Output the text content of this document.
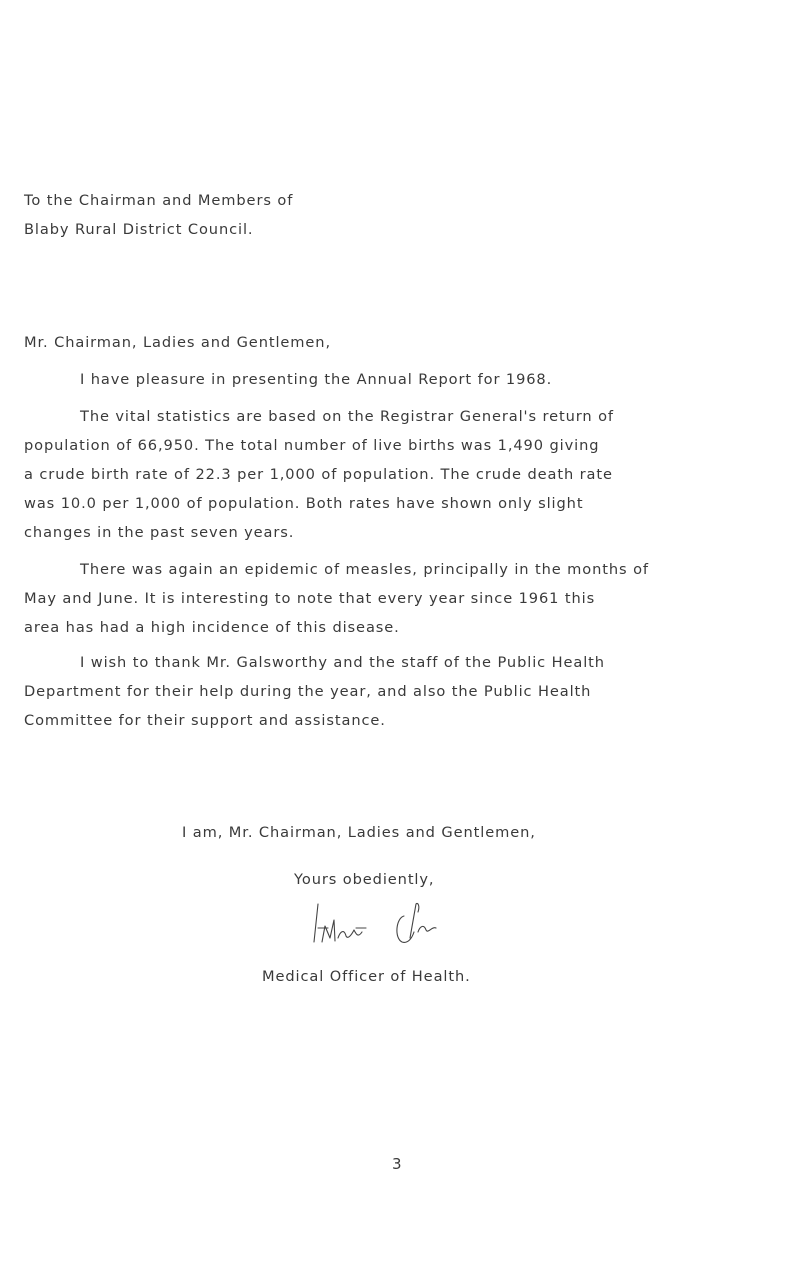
To the Chairman and Members of
Blaby Rural District Council.
Mr. Chairman, Ladies and Gentlemen,
I have pleasure in presenting the Annual Report for 1968.
The vital statistics are based on the Registrar General's return of
population of 66,950. The total number of live births was 1,490 giving
a crude birth rate of 22.3 per 1,000 of population. The crude death rate
was 10.0 per 1,000 of population. Both rates have shown only slight
changes in the past seven years.
There was again an epidemic of measles, principally in the months of
May and June. It is interesting to note that every year since 1961 this
area has had a high incidence of this disease.
I wish to thank Mr. Galsworthy and the staff of the Public Health
Department for their help during the year, and also the Public Health
Committee for their support and assistance.
I am, Mr. Chairman, Ladies and Gentlemen,
Yours obediently,
Medical Officer of Health.
3
